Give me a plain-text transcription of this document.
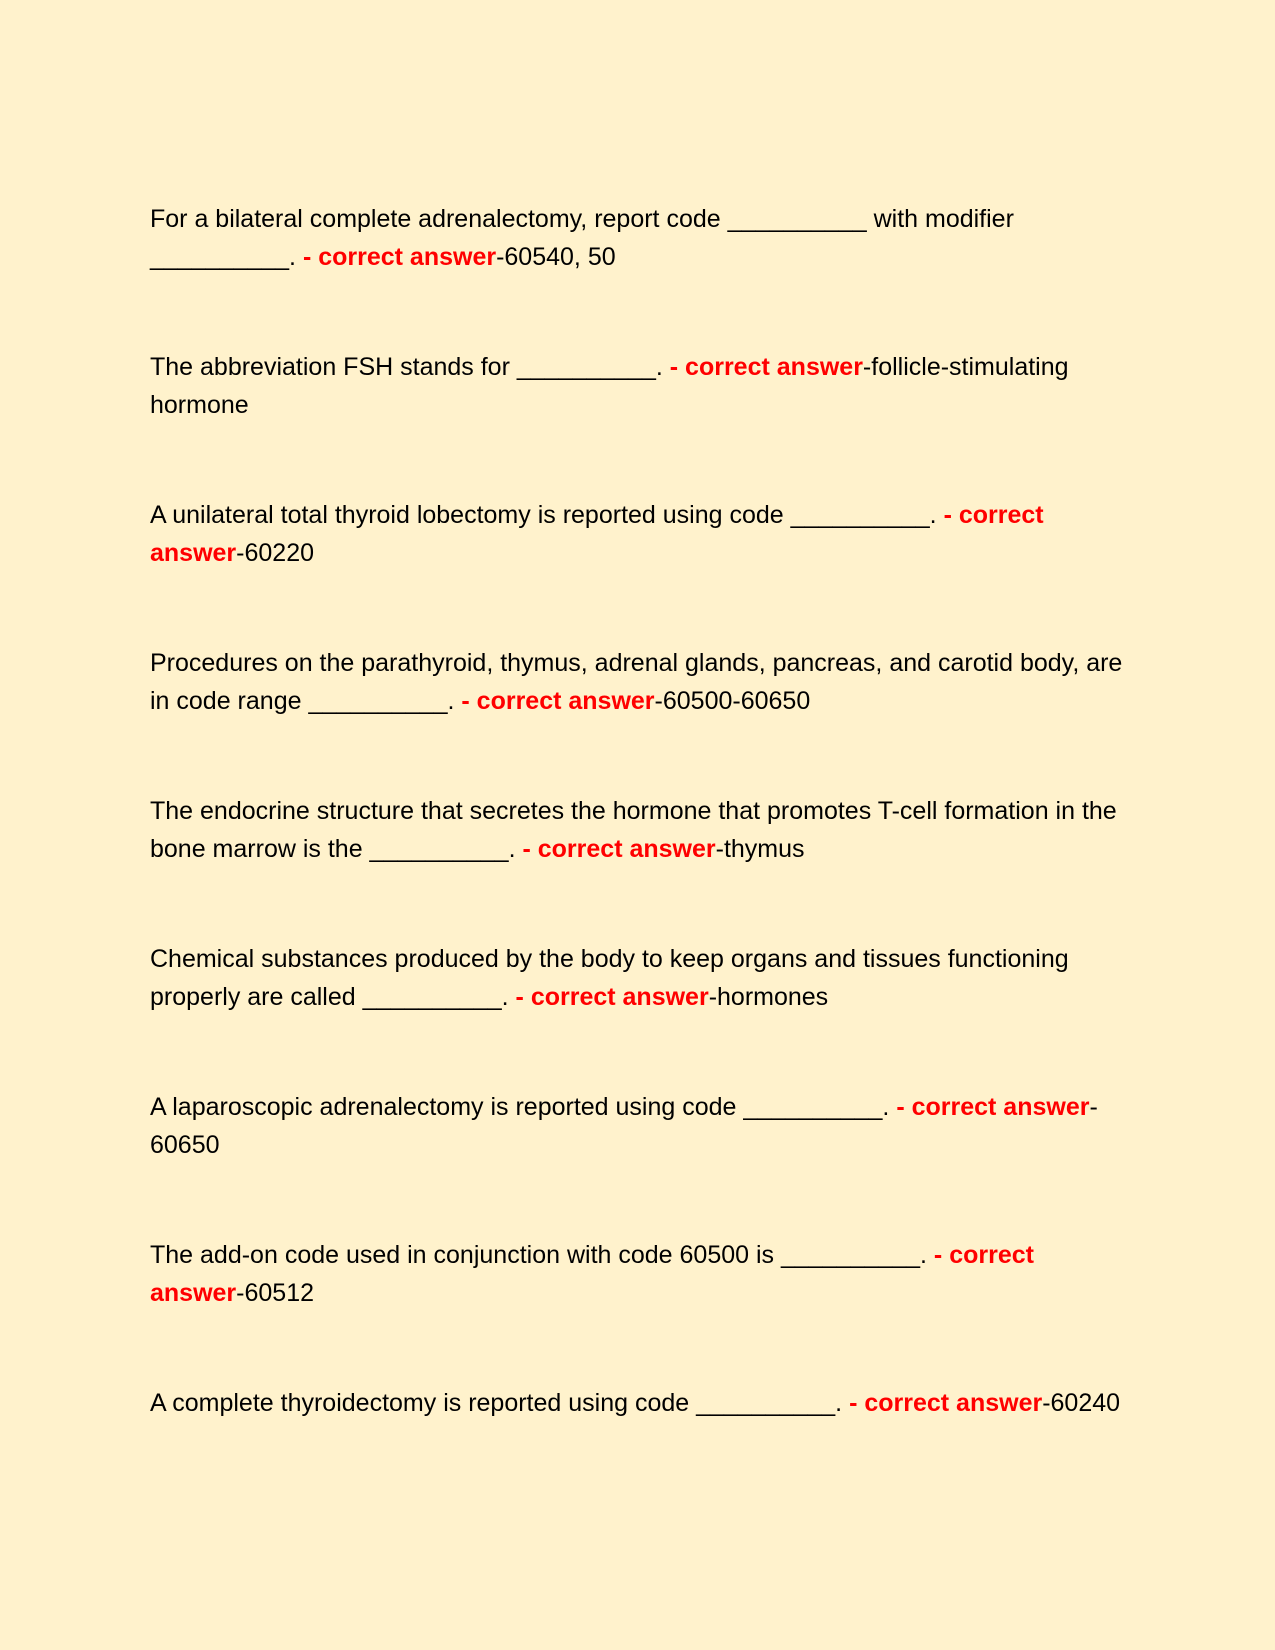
For a bilateral complete adrenalectomy, report code __________ with modifier __________. - correct answer-60540, 50
The abbreviation FSH stands for __________. - correct answer-follicle-stimulating hormone
A unilateral total thyroid lobectomy is reported using code __________. - correct answer-60220
Procedures on the parathyroid, thymus, adrenal glands, pancreas, and carotid body, are in code range __________. - correct answer-60500-60650
The endocrine structure that secretes the hormone that promotes T-cell formation in the bone marrow is the __________. - correct answer-thymus
Chemical substances produced by the body to keep organs and tissues functioning properly are called __________. - correct answer-hormones
A laparoscopic adrenalectomy is reported using code __________. - correct answer-60650
The add-on code used in conjunction with code 60500 is __________. - correct answer-60512
A complete thyroidectomy is reported using code __________. - correct answer-60240
